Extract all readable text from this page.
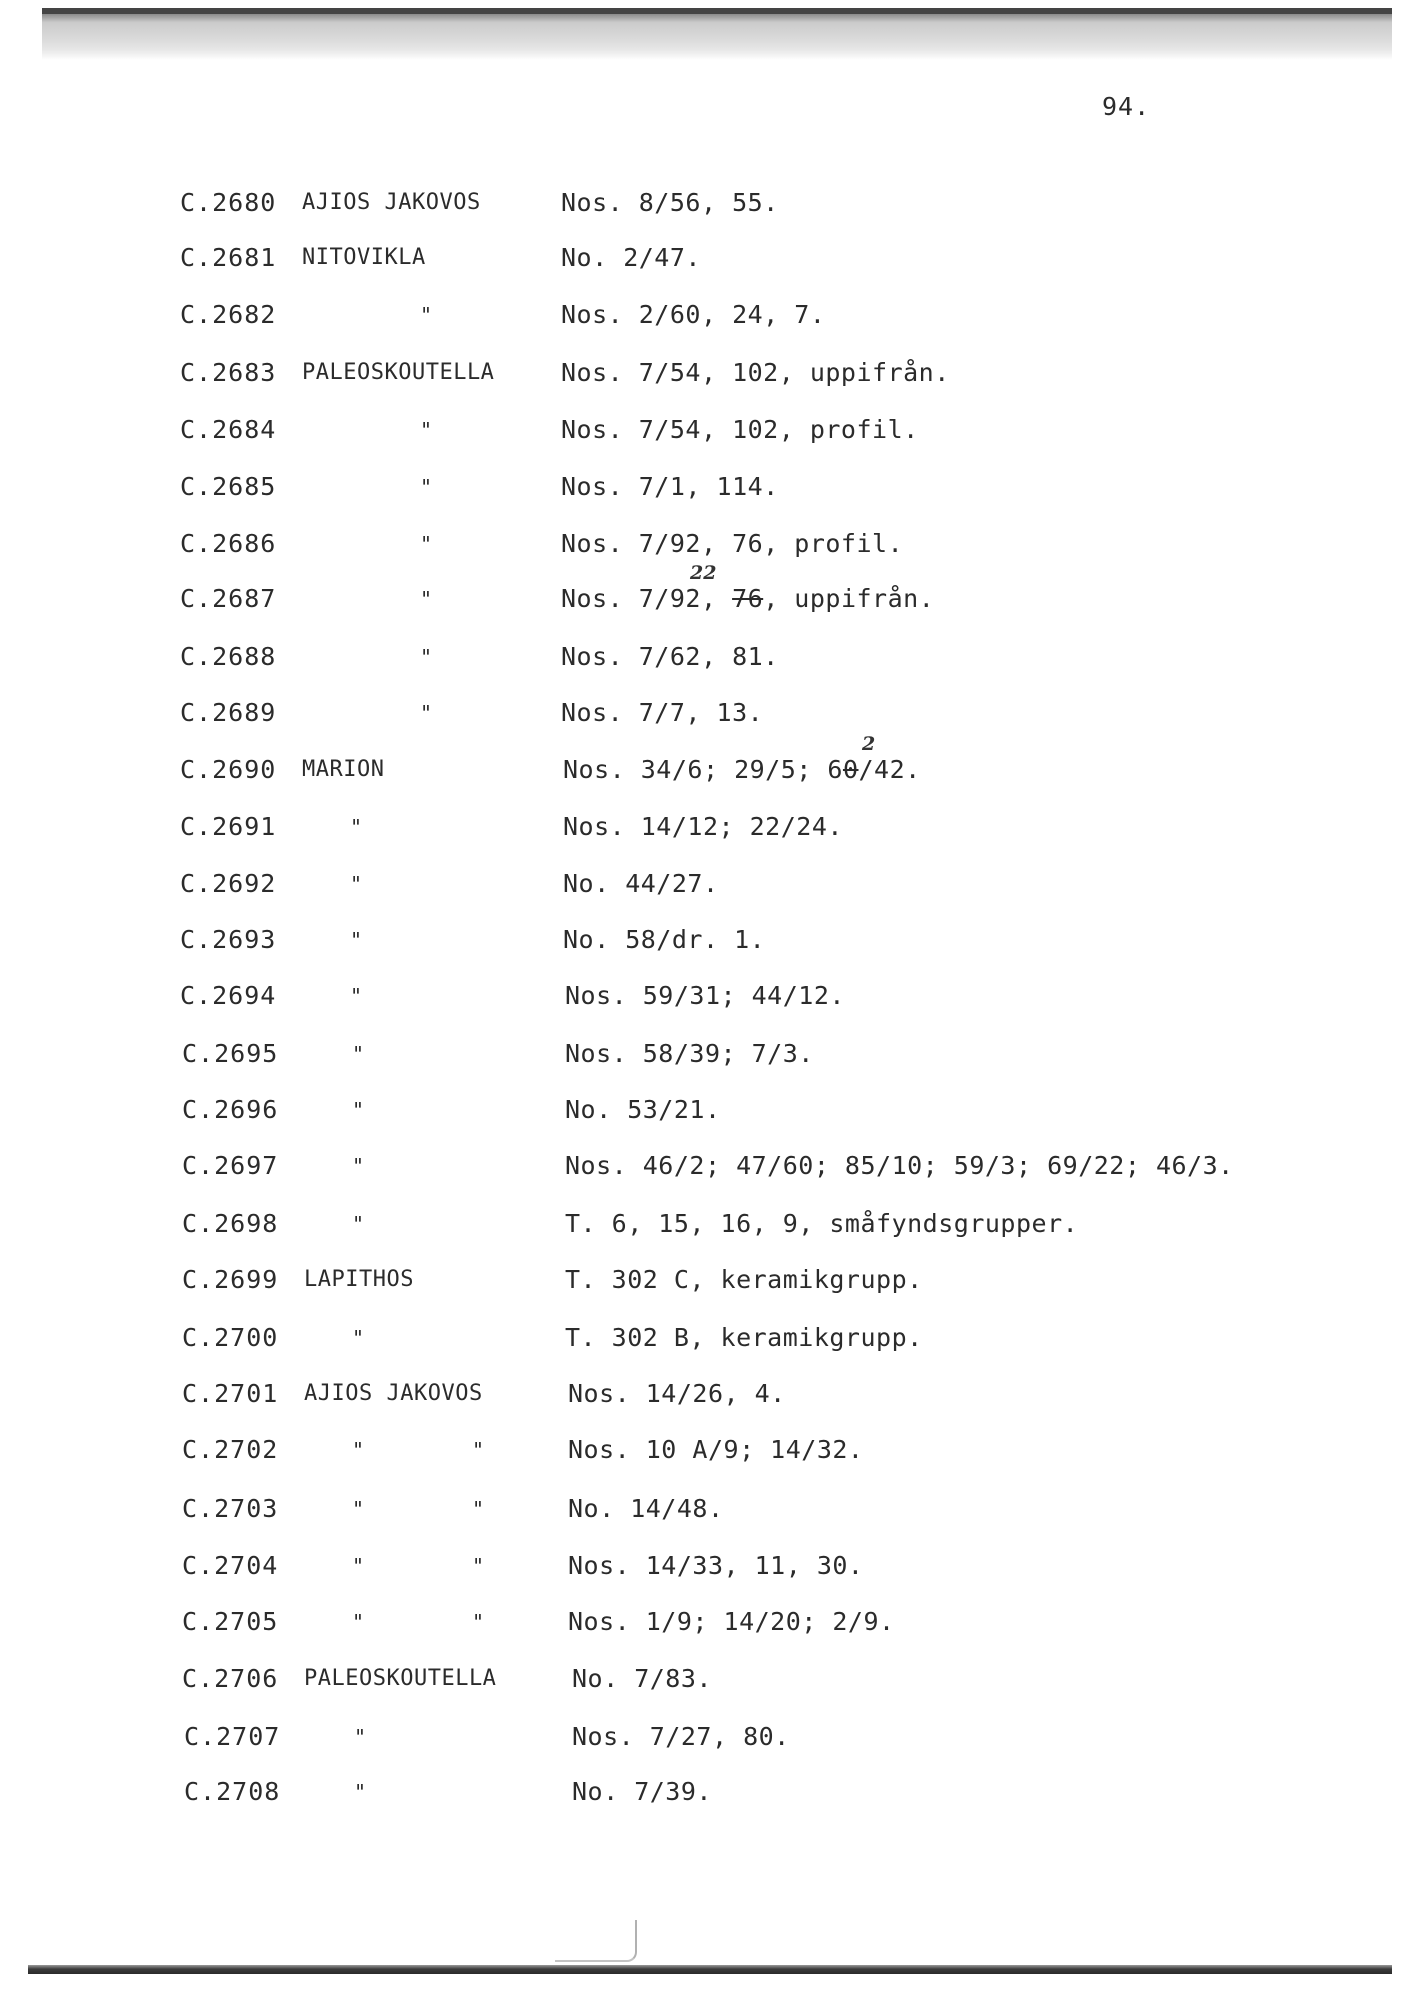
94.
C.2680 AJIOS JAKOVOS	Nos. 8/56, 55.
C.2681 NITOVIKLA	No. 2/47.
C.2682	"	Nos. 2/60, 24, 7.
C.2683 PALEOSKOUTELLA	Nos. 7/54, 102, uppifrån.
C.2684	"	Nos. 7/54, 102, profil.
C.2685	"	Nos. 7/1, 114.
C.2686	"	Nos. 7/92, 76, profil.
C.2687	"	Nos. 7/92, 76, uppifrån.
22
C.2688	"	Nos. 7/62, 81.
C.2689	"	Nos. 7/7, 13.
C.2690 MARION	Nos. 34/6; 29/5; 60/42.
2
C.2691	"	Nos. 14/12; 22/24.
C.2692	"	No. 44/27.
C.2693	"	No. 58/dr. 1.
C.2694	"	Nos. 59/31; 44/12.
C.2695	"	Nos. 58/39; 7/3.
C.2696	"	No. 53/21.
C.2697	"	Nos. 46/2; 47/60; 85/10; 59/3; 69/22; 46/3.
C.2698	"	T. 6, 15, 16, 9, småfyndsgrupper.
C.2699 LAPITHOS	T. 302 C, keramikgrupp.
C.2700	"	T. 302 B, keramikgrupp.
C.2701 AJIOS JAKOVOS	Nos. 14/26, 4.
C.2702	"	"	Nos. 10 A/9; 14/32.
C.2703	"	"	No. 14/48.
C.2704	"	"	Nos. 14/33, 11, 30.
C.2705	"	"	Nos. 1/9; 14/20; 2/9.
C.2706 PALEOSKOUTELLA	No. 7/83.
C.2707	"	Nos. 7/27, 80.
C.2708	"	No. 7/39.
